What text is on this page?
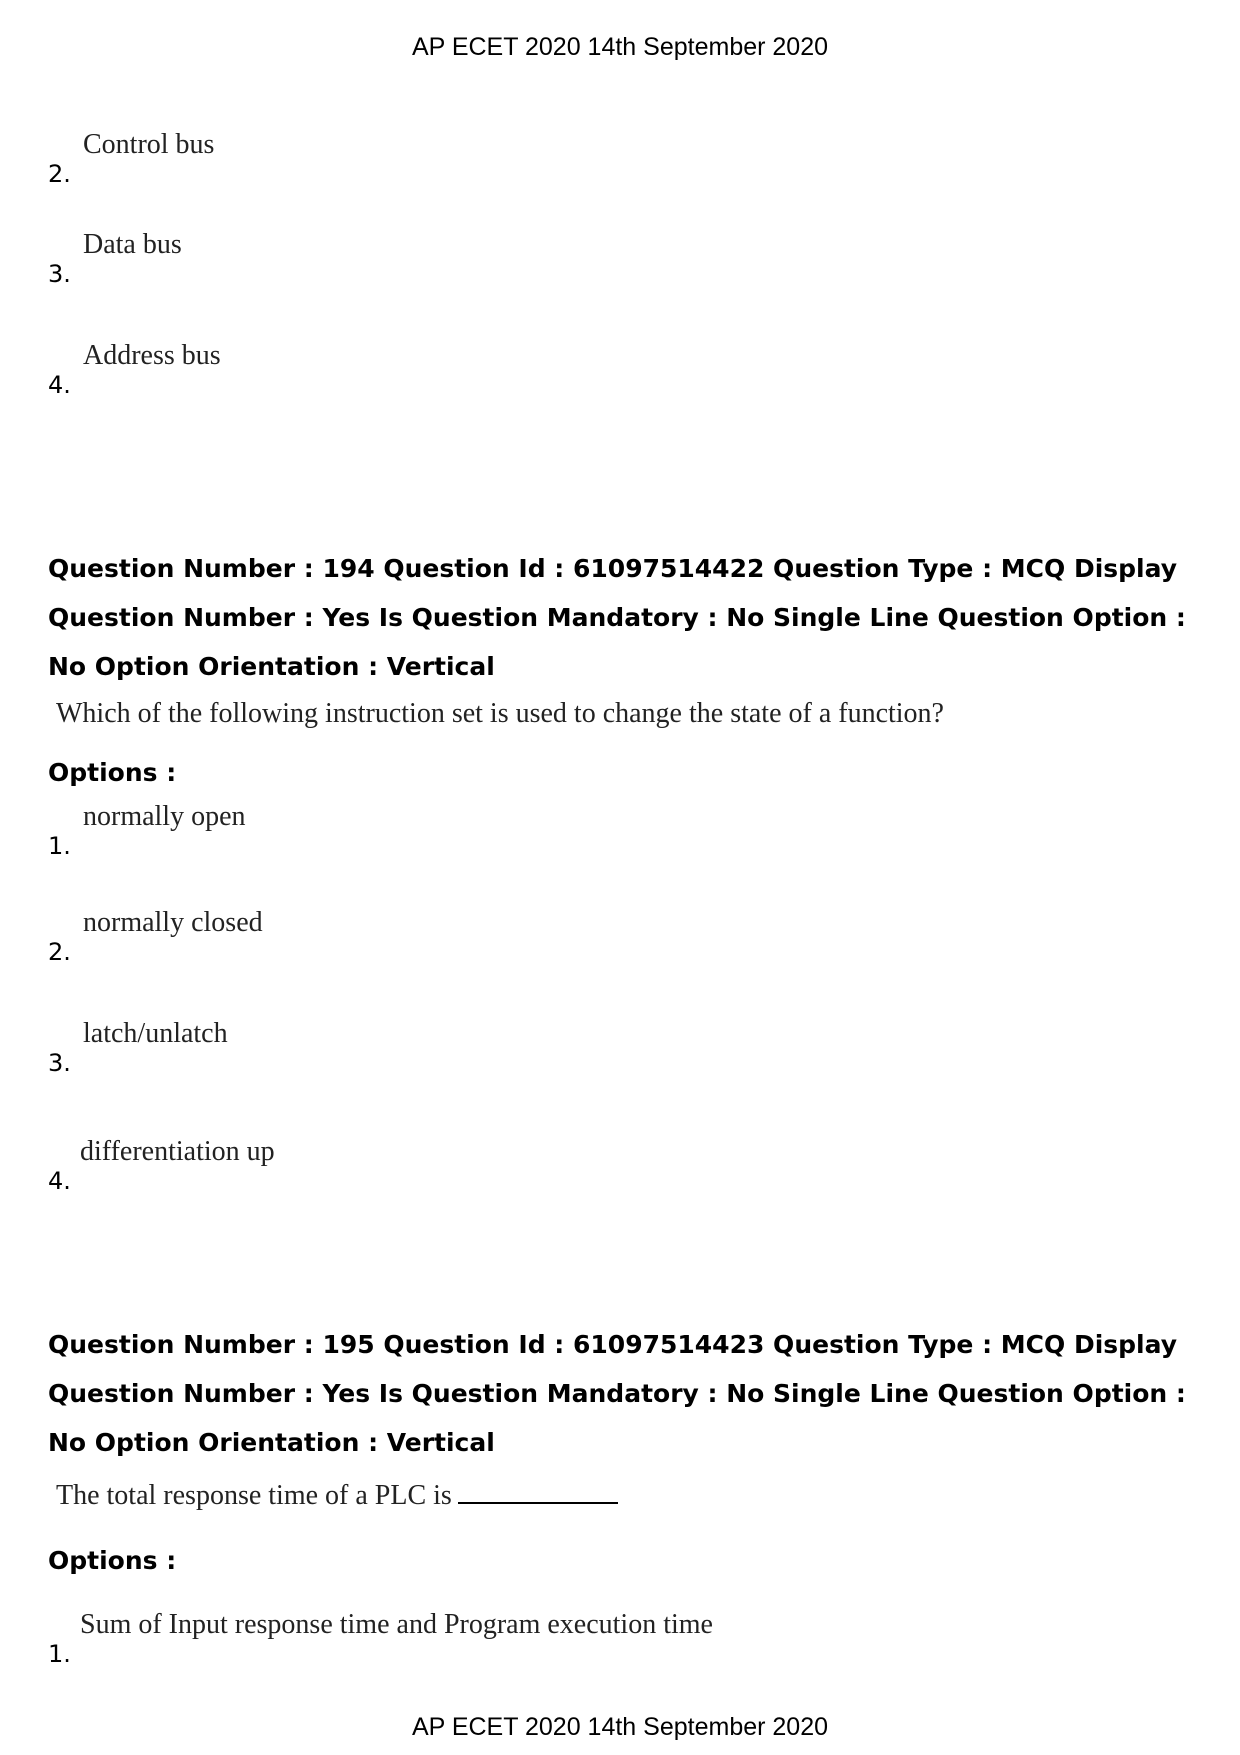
AP ECET 2020 14th September 2020
2.
Control bus
3.
Data bus
4.
Address bus
Question Number : 194 Question Id : 61097514422 Question Type : MCQ Display Question Number : Yes Is Question Mandatory : No Single Line Question Option : No Option Orientation : Vertical
Which of the following instruction set is used to change the state of a function?
Options :
1.
normally open
2.
normally closed
3.
latch/unlatch
4.
differentiation up
Question Number : 195 Question Id : 61097514423 Question Type : MCQ Display Question Number : Yes Is Question Mandatory : No Single Line Question Option : No Option Orientation : Vertical
The total response time of a PLC is
Options :
1.
Sum of Input response time and Program execution time
AP ECET 2020 14th September 2020
